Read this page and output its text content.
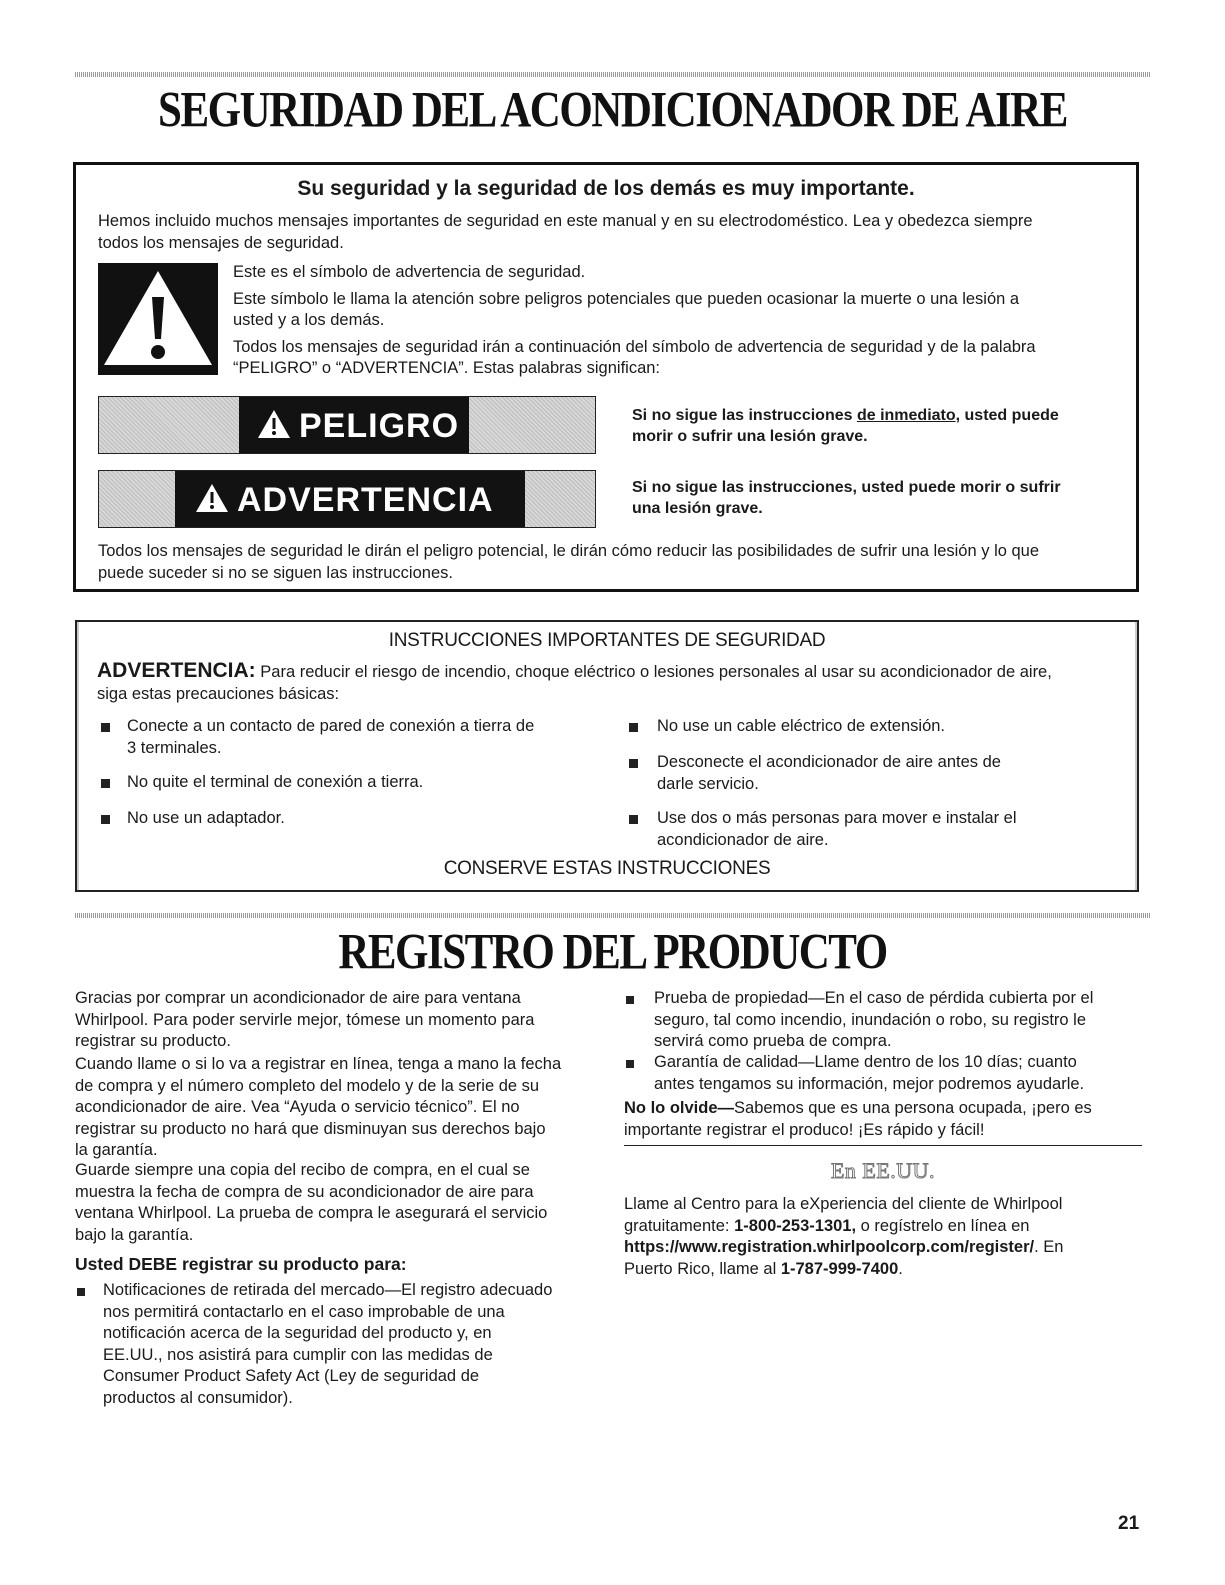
SEGURIDAD DEL ACONDICIONADOR DE AIRE
Su seguridad y la seguridad de los demás es muy importante.
Hemos incluido muchos mensajes importantes de seguridad en este manual y en su electrodoméstico. Lea y obedezca siempre
todos los mensajes de seguridad.
Este es el símbolo de advertencia de seguridad.
Este símbolo le llama la atención sobre peligros potenciales que pueden ocasionar la muerte o una lesión a
usted y a los demás.
Todos los mensajes de seguridad irán a continuación del símbolo de advertencia de seguridad y de la palabra
“PELIGRO” o “ADVERTENCIA”. Estas palabras significan:
PELIGRO	Si no sigue las instrucciones de inmediato, usted puede
morir o sufrir una lesión grave.
ADVERTENCIA	Si no sigue las instrucciones, usted puede morir o sufrir
una lesión grave.
Todos los mensajes de seguridad le dirán el peligro potencial, le dirán cómo reducir las posibilidades de sufrir una lesión y lo que
puede suceder si no se siguen las instrucciones.
INSTRUCCIONES IMPORTANTES DE SEGURIDAD
ADVERTENCIA: Para reducir el riesgo de incendio, choque eléctrico o lesiones personales al usar su acondicionador de aire,
siga estas precauciones básicas:
Conecte a un contacto de pared de conexión a tierra de
3 terminales.
No quite el terminal de conexión a tierra.
No use un adaptador.
No use un cable eléctrico de extensión.
Desconecte el acondicionador de aire antes de
darle servicio.
Use dos o más personas para mover e instalar el
acondicionador de aire.
CONSERVE ESTAS INSTRUCCIONES
REGISTRO DEL PRODUCTO
Gracias por comprar un acondicionador de aire para ventana
Whirlpool. Para poder servirle mejor, tómese un momento para
registrar su producto.
Cuando llame o si lo va a registrar en línea, tenga a mano la fecha
de compra y el número completo del modelo y de la serie de su
acondicionador de aire. Vea “Ayuda o servicio técnico”. El no
registrar su producto no hará que disminuyan sus derechos bajo
la garantía.
Guarde siempre una copia del recibo de compra, en el cual se
muestra la fecha de compra de su acondicionador de aire para
ventana Whirlpool. La prueba de compra le asegurará el servicio
bajo la garantía.
Usted DEBE registrar su producto para:
Notificaciones de retirada del mercado—El registro adecuado
nos permitirá contactarlo en el caso improbable de una
notificación acerca de la seguridad del producto y, en
EE.UU., nos asistirá para cumplir con las medidas de
Consumer Product Safety Act (Ley de seguridad de
productos al consumidor).
Prueba de propiedad—En el caso de pérdida cubierta por el
seguro, tal como incendio, inundación o robo, su registro le
servirá como prueba de compra.
Garantía de calidad—Llame dentro de los 10 días; cuanto
antes tengamos su información, mejor podremos ayudarle.
No lo olvide—Sabemos que es una persona ocupada, ¡pero es
importante registrar el produco! ¡Es rápido y fácil!
En EE.UU.
Llame al Centro para la eXperiencia del cliente de Whirlpool
gratuitamente: 1-800-253-1301, o regístrelo en línea en
https://www.registration.whirlpoolcorp.com/register/. En
Puerto Rico, llame al 1-787-999-7400.
21
